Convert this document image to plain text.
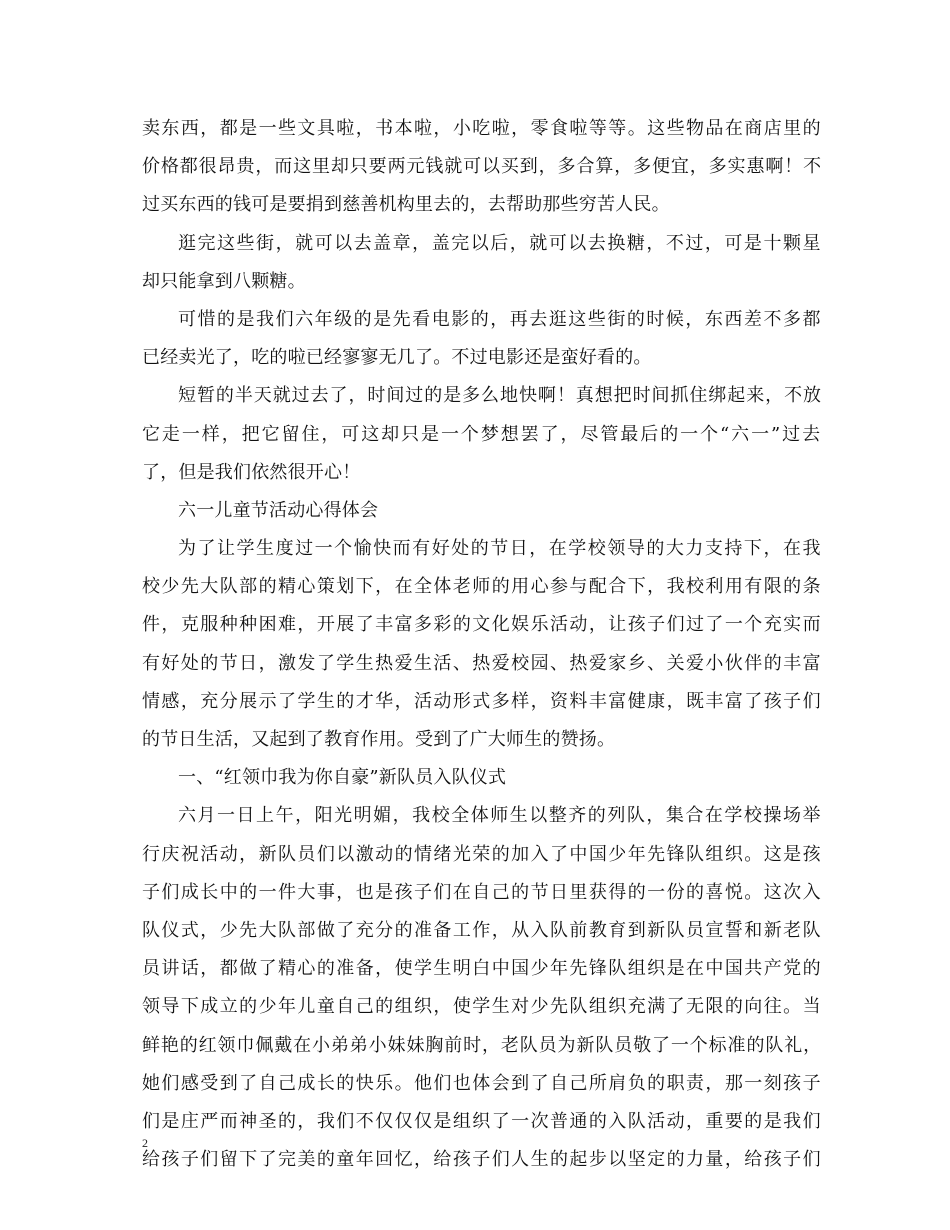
卖东西，都是一些文具啦，书本啦，小吃啦，零食啦等等。这些物品在商店里的
价格都很昂贵，而这里却只要两元钱就可以买到，多合算，多便宜，多实惠啊！不
过买东西的钱可是要捐到慈善机构里去的，去帮助那些穷苦人民。
逛完这些街，就可以去盖章，盖完以后，就可以去换糖，不过，可是十颗星
却只能拿到八颗糖。
可惜的是我们六年级的是先看电影的，再去逛这些街的时候，东西差不多都
已经卖光了，吃的啦已经寥寥无几了。不过电影还是蛮好看的。
短暂的半天就过去了，时间过的是多么地快啊！真想把时间抓住绑起来，不放
它走一样，把它留住，可这却只是一个梦想罢了，尽管最后的一个“六一”过去
了，但是我们依然很开心！
六一儿童节活动心得体会
为了让学生度过一个愉快而有好处的节日，在学校领导的大力支持下，在我
校少先大队部的精心策划下，在全体老师的用心参与配合下，我校利用有限的条
件，克服种种困难，开展了丰富多彩的文化娱乐活动，让孩子们过了一个充实而
有好处的节日，激发了学生热爱生活、热爱校园、热爱家乡、关爱小伙伴的丰富
情感，充分展示了学生的才华，活动形式多样，资料丰富健康，既丰富了孩子们
的节日生活，又起到了教育作用。受到了广大师生的赞扬。
一、“红领巾我为你自豪”新队员入队仪式
六月一日上午，阳光明媚，我校全体师生以整齐的列队，集合在学校操场举
行庆祝活动，新队员们以激动的情绪光荣的加入了中国少年先锋队组织。这是孩
子们成长中的一件大事，也是孩子们在自己的节日里获得的一份的喜悦。这次入
队仪式，少先大队部做了充分的准备工作，从入队前教育到新队员宣誓和新老队
员讲话，都做了精心的准备，使学生明白中国少年先锋队组织是在中国共产党的
领导下成立的少年儿童自己的组织，使学生对少先队组织充满了无限的向往。当
鲜艳的红领巾佩戴在小弟弟小妹妹胸前时，老队员为新队员敬了一个标准的队礼，
她们感受到了自己成长的快乐。他们也体会到了自己所肩负的职责，那一刻孩子
们是庄严而神圣的，我们不仅仅仅是组织了一次普通的入队活动，重要的是我们
给孩子们留下了完美的童年回忆，给孩子们人生的起步以坚定的力量，给孩子们
2
